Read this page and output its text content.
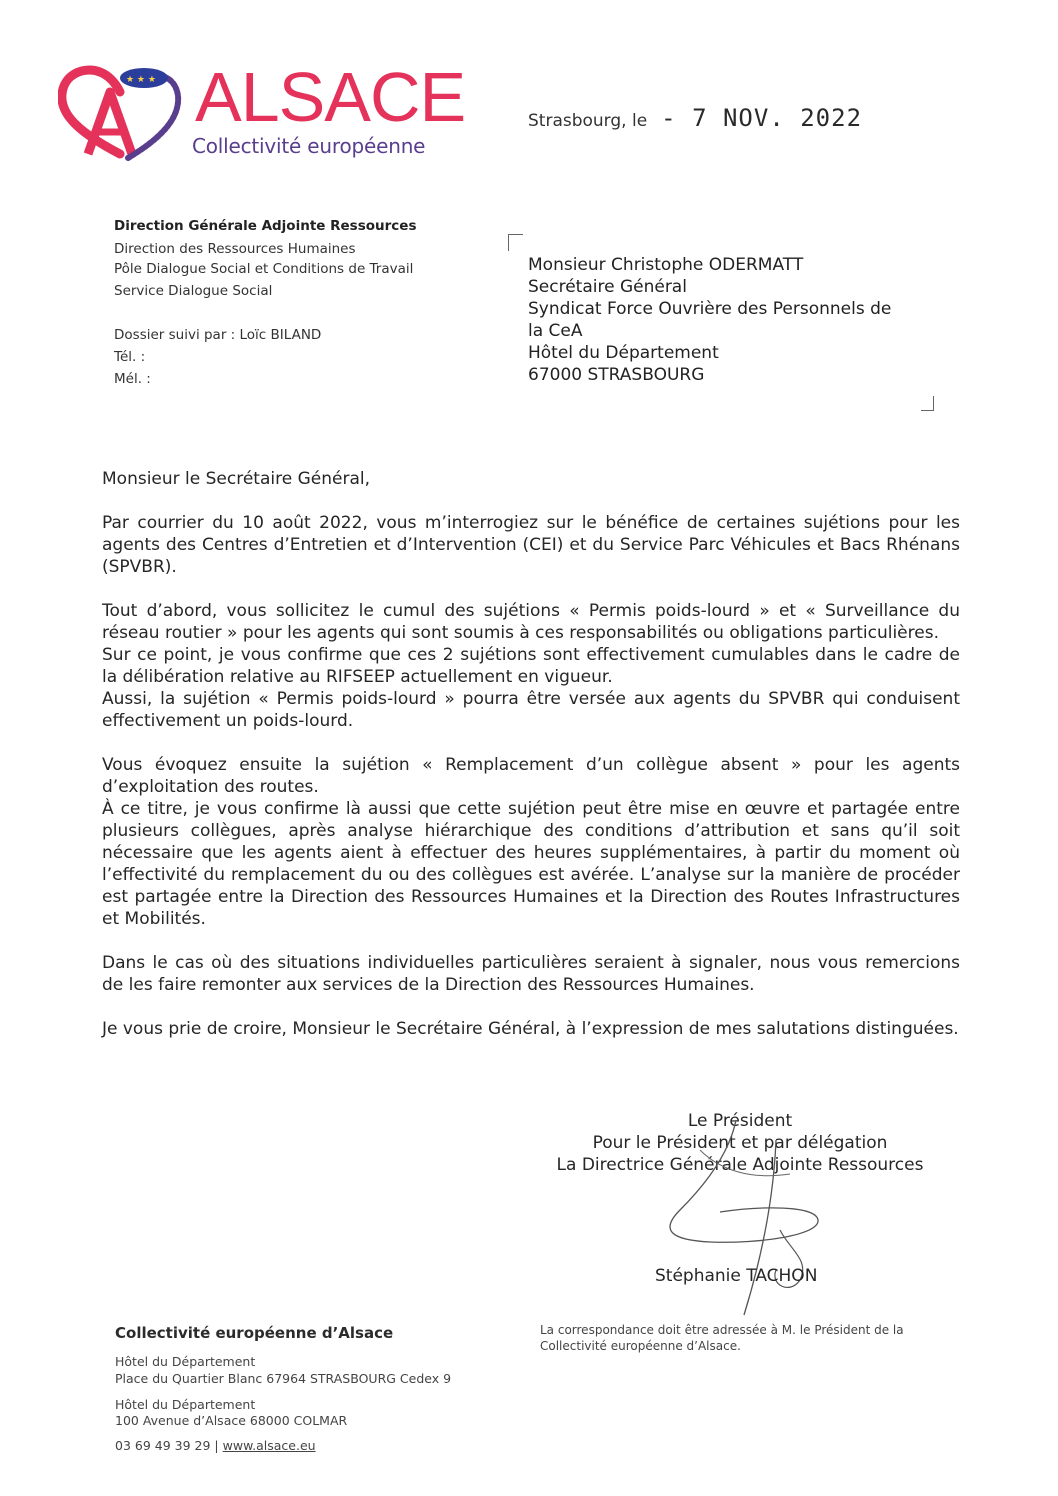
★ ★ ★ ALSACE
Collectivité européenne
Strasbourg, le - 7 NOV. 2022
Direction Générale Adjointe Ressources
Direction des Ressources Humaines
Pôle Dialogue Social et Conditions de Travail
Service Dialogue Social
Dossier suivi par : Loïc BILAND
Tél. :
Mél. :
Monsieur Christophe ODERMATT
Secrétaire Général
Syndicat Force Ouvrière des Personnels de
la CeA
Hôtel du Département
67000 STRASBOURG

Monsieur le Secrétaire Général,

Par courrier du 10 août 2022, vous m’interrogiez sur le bénéfice de certaines sujétions pour les agents des Centres d’Entretien et d’Intervention (CEI) et du Service Parc Véhicules et Bacs Rhénans (SPVBR).

Tout d’abord, vous sollicitez le cumul des sujétions « Permis poids-lourd » et « Surveillance du réseau routier » pour les agents qui sont soumis à ces responsabilités ou obligations particulières.

Sur ce point, je vous confirme que ces 2 sujétions sont effectivement cumulables dans le cadre de la délibération relative au RIFSEEP actuellement en vigueur.

Aussi, la sujétion « Permis poids-lourd » pourra être versée aux agents du SPVBR qui conduisent effectivement un poids-lourd.

Vous évoquez ensuite la sujétion « Remplacement d’un collègue absent » pour les agents d’exploitation des routes.

À ce titre, je vous confirme là aussi que cette sujétion peut être mise en œuvre et partagée entre plusieurs collègues, après analyse hiérarchique des conditions d’attribution et sans qu’il soit nécessaire que les agents aient à effectuer des heures supplémentaires, à partir du moment où l’effectivité du remplacement du ou des collègues est avérée. L’analyse sur la manière de procéder est partagée entre la Direction des Ressources Humaines et la Direction des Routes Infrastructures et Mobilités.

Dans le cas où des situations individuelles particulières seraient à signaler, nous vous remercions de les faire remonter aux services de la Direction des Ressources Humaines.

Je vous prie de croire, Monsieur le Secrétaire Général, à l’expression de mes salutations distinguées.

Le Président
Pour le Président et par délégation
La Directrice Générale Adjointe Ressources
Stéphanie TACHON
Collectivité européenne d’Alsace
Hôtel du Département
Place du Quartier Blanc 67964 STRASBOURG Cedex 9
Hôtel du Département
100 Avenue d’Alsace 68000 COLMAR
03 69 49 39 29 | www.alsace.eu
La correspondance doit être adressée à M. le Président de la Collectivité européenne d’Alsace.
